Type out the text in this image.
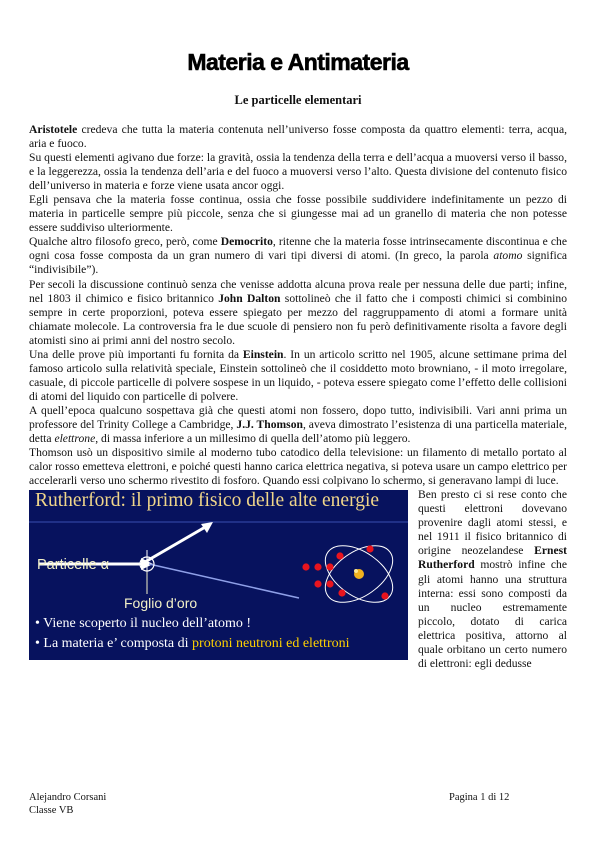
Materia e Antimateria
Le particelle elementari

Aristotele credeva che tutta la materia contenuta nell’universo fosse composta da quattro elementi: terra, acqua, aria e fuoco.

Su questi elementi agivano due forze: la gravità, ossia la tendenza della terra e dell’acqua a muoversi verso il basso, e la leggerezza, ossia la tendenza dell’aria e del fuoco a muoversi verso l’alto. Questa divisione del contenuto fisico dell’universo in materia e forze viene usata ancor oggi.

Egli pensava che la materia fosse continua, ossia che fosse possibile suddividere indefinitamente un pezzo di materia in particelle sempre più piccole, senza che si giungesse mai ad un granello di materia che non potesse essere suddiviso ulteriormente.

Qualche altro filosofo greco, però, come Democrito, ritenne che la materia fosse intrinsecamente discontinua e che ogni cosa fosse composta da un gran numero di vari tipi diversi di atomi. (In greco, la parola atomo significa “indivisibile”).

Per secoli la discussione continuò senza che venisse addotta alcuna prova reale per nessuna delle due parti; infine, nel 1803 il chimico e fisico britannico John Dalton sottolineò che il fatto che i composti chimici si combinino sempre in certe proporzioni, poteva essere spiegato per mezzo del raggruppamento di atomi a formare unità chiamate molecole. La controversia fra le due scuole di pensiero non fu però definitivamente risolta a favore degli atomisti sino ai primi anni del nostro secolo.

Una delle prove più importanti fu fornita da Einstein. In un articolo scritto nel 1905, alcune settimane prima del famoso articolo sulla relatività speciale, Einstein sottolineò che il cosiddetto moto browniano, - il moto irregolare, casuale, di piccole particelle di polvere sospese in un liquido, - poteva essere spiegato come l’effetto delle collisioni di atomi del liquido con particelle di polvere.

A quell’epoca qualcuno sospettava già che questi atomi non fossero, dopo tutto, indivisibili. Vari anni prima un professore del Trinity College a Cambridge, J.J. Thomson, aveva dimostrato l’esistenza di una particella materiale, detta elettrone, di massa inferiore a un millesimo di quella dell’atomo più leggero.

Thomson usò un dispositivo simile al moderno tubo catodico della televisione: un filamento di metallo portato al calor rosso emetteva elettroni, e poiché questi hanno carica elettrica negativa, si poteva usare un campo elettrico per accelerarli verso uno schermo rivestito di fosforo. Quando essi colpivano lo schermo, si generavano lampi di luce.

Rutherford: il primo fisico delle alte energie
Particelle α
Foglio d’oro
• Viene scoperto il nucleo dell’atomo !
• La materia e’ composta di protoni neutroni ed elettroni

Ben presto ci si rese conto che questi elettroni dovevano provenire dagli atomi stessi, e nel 1911 il fisico britannico di origine neozelandese Ernest Rutherford mostrò infine che gli atomi hanno una struttura interna: essi sono composti da un nucleo estremamente piccolo, dotato di carica elettrica positiva, attorno al quale orbitano un certo numero di elettroni: egli dedusse

Alejandro Corsani
Classe VB
Pagina 1 di 12
